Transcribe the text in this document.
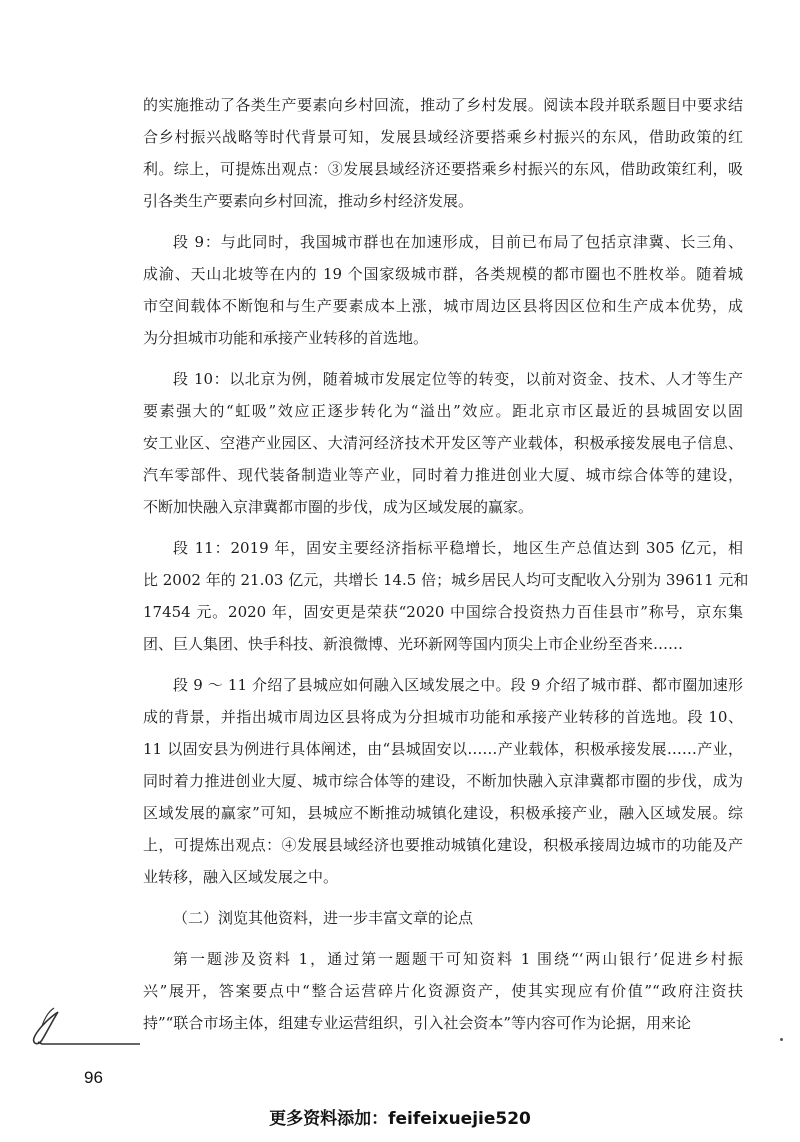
的实施推动了各类生产要素向乡村回流，推动了乡村发展。阅读本段并联系题目中要求结
合乡村振兴战略等时代背景可知，发展县域经济要搭乘乡村振兴的东风，借助政策的红
利。综上，可提炼出观点：③发展县域经济还要搭乘乡村振兴的东风，借助政策红利，吸
引各类生产要素向乡村回流，推动乡村经济发展。
段 9：与此同时，我国城市群也在加速形成，目前已布局了包括京津冀、长三角、
成渝、天山北坡等在内的 19 个国家级城市群，各类规模的都市圈也不胜枚举。随着城
市空间载体不断饱和与生产要素成本上涨，城市周边区县将因区位和生产成本优势，成
为分担城市功能和承接产业转移的首选地。
段 10：以北京为例，随着城市发展定位等的转变，以前对资金、技术、人才等生产
要素强大的“虹吸”效应正逐步转化为“溢出”效应。距北京市区最近的县城固安以固
安工业区、空港产业园区、大清河经济技术开发区等产业载体，积极承接发展电子信息、
汽车零部件、现代装备制造业等产业，同时着力推进创业大厦、城市综合体等的建设，
不断加快融入京津冀都市圈的步伐，成为区域发展的赢家。
段 11：2019 年，固安主要经济指标平稳增长，地区生产总值达到 305 亿元，相
比 2002 年的 21.03 亿元，共增长 14.5 倍；城乡居民人均可支配收入分别为 39611 元和
17454 元。2020 年，固安更是荣获“2020 中国综合投资热力百佳县市”称号，京东集
团、巨人集团、快手科技、新浪微博、光环新网等国内顶尖上市企业纷至沓来……
段 9 ～ 11 介绍了县城应如何融入区域发展之中。段 9 介绍了城市群、都市圈加速形
成的背景，并指出城市周边区县将成为分担城市功能和承接产业转移的首选地。段 10、
11 以固安县为例进行具体阐述，由“县城固安以……产业载体，积极承接发展……产业，
同时着力推进创业大厦、城市综合体等的建设，不断加快融入京津冀都市圈的步伐，成为
区域发展的赢家”可知，县城应不断推动城镇化建设，积极承接产业，融入区域发展。综
上，可提炼出观点：④发展县域经济也要推动城镇化建设，积极承接周边城市的功能及产
业转移，融入区域发展之中。
（二）浏览其他资料，进一步丰富文章的论点
第一题涉及资料 1，通过第一题题干可知资料 1 围绕“‘两山银行’促进乡村振
兴”展开，答案要点中“整合运营碎片化资源资产，使其实现应有价值”“政府注资扶
持”“联合市场主体，组建专业运营组织，引入社会资本”等内容可作为论据，用来论
96
更多资料添加：feifeixuejie520
